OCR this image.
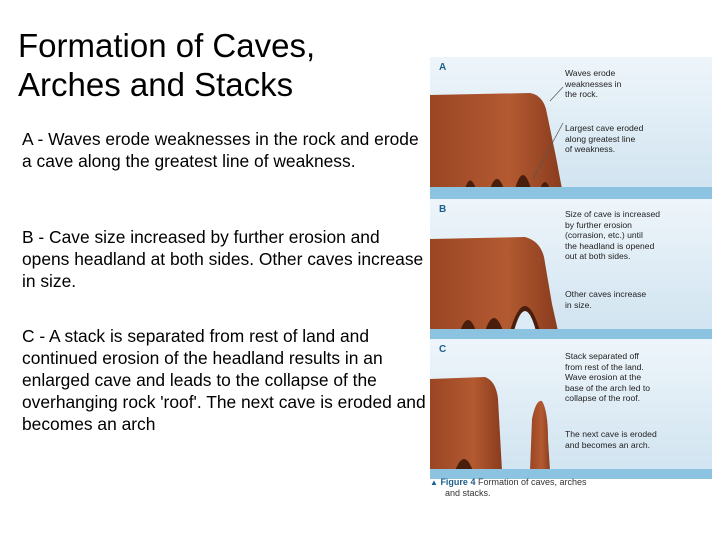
Formation of Caves,
Arches and Stacks
A - Waves erode weaknesses in the rock and erode a cave along the greatest line of weakness.
B - Cave size increased by further erosion and opens headland at both sides. Other caves increase in size.
C - A stack is separated from rest of land and continued erosion of the headland results in an enlarged cave and leads to the collapse of the overhanging rock 'roof'. The next cave is eroded and becomes an arch
A	Waves erode
weaknesses in
the rock.
Largest cave eroded
along greatest line
of weakness.
B	Size of cave is increased
by further erosion
(corrasion, etc.) until
the headland is opened
out at both sides.
Other caves increase
in size.
C
Stack separated off
from rest of the land.
Wave erosion at the
base of the arch led to
collapse of the roof.
The next cave is eroded
and becomes an arch.
▲ Figure 4 Formation of caves, arches
and stacks.
